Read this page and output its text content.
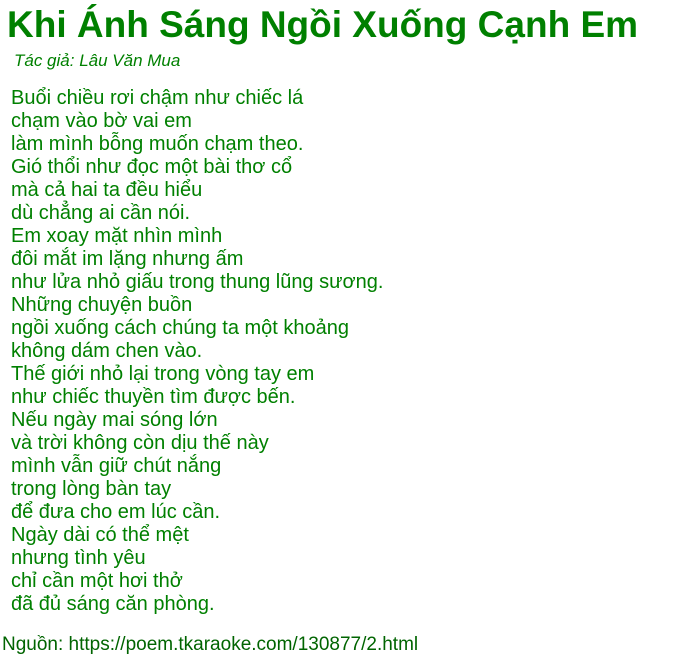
Khi Ánh Sáng Ngồi Xuống Cạnh Em
Tác giả: Lâu Văn Mua
Buổi chiều rơi chậm như chiếc lá
chạm vào bờ vai em
làm mình bỗng muốn chạm theo.
Gió thổi như đọc một bài thơ cổ
mà cả hai ta đều hiểu
dù chẳng ai cần nói.
Em xoay mặt nhìn mình
đôi mắt im lặng nhưng ấm
như lửa nhỏ giấu trong thung lũng sương.
Những chuyện buồn
ngồi xuống cách chúng ta một khoảng
không dám chen vào.
Thế giới nhỏ lại trong vòng tay em
như chiếc thuyền tìm được bến.
Nếu ngày mai sóng lớn
và trời không còn dịu thế này
mình vẫn giữ chút nắng
trong lòng bàn tay
để đưa cho em lúc cần.
Ngày dài có thể mệt
nhưng tình yêu
chỉ cần một hơi thở
đã đủ sáng căn phòng.
Nguồn: https://poem.tkaraoke.com/130877/2.html
